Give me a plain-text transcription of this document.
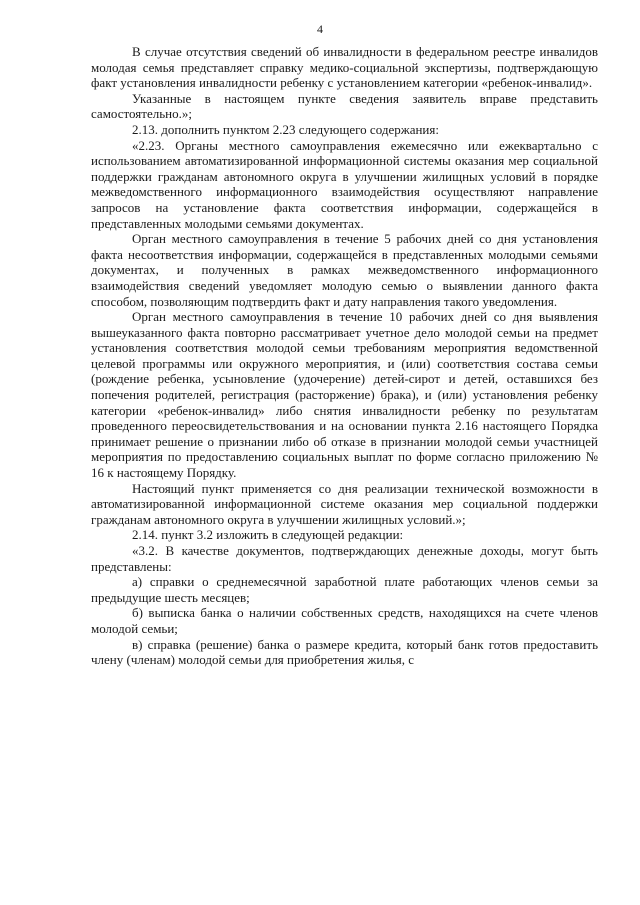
4

В случае отсутствия сведений об инвалидности в федеральном реестре инвалидов молодая семья представляет справку медико-социальной экспертизы, подтверждающую факт установления инвалидности ребенку с установлением категории «ребенок-инвалид».

Указанные в настоящем пункте сведения заявитель вправе представить самостоятельно.»;

2.13. дополнить пунктом 2.23 следующего содержания:

«2.23. Органы местного самоуправления ежемесячно или ежеквартально с использованием автоматизированной информационной системы оказания мер социальной поддержки гражданам автономного округа в улучшении жилищных условий в порядке межведомственного информационного взаимодействия осуществляют направление запросов на установление факта соответствия информации, содержащейся в представленных молодыми семьями документах.

Орган местного самоуправления в течение 5 рабочих дней со дня установления факта несоответствия информации, содержащейся в представленных молодыми семьями документах, и полученных в рамках межведомственного информационного взаимодействия сведений уведомляет молодую семью о выявлении данного факта способом, позволяющим подтвердить факт и дату направления такого уведомления.

Орган местного самоуправления в течение 10 рабочих дней со дня выявления вышеуказанного факта повторно рассматривает учетное дело молодой семьи на предмет установления соответствия молодой семьи требованиям мероприятия ведомственной целевой программы или окружного мероприятия, и (или) соответствия состава семьи (рождение ребенка, усыновление (удочерение) детей-сирот и детей, оставшихся без попечения родителей, регистрация (расторжение) брака), и (или) установления ребенку категории «ребенок-инвалид» либо снятия инвалидности ребенку по результатам проведенного переосвидетельствования и на основании пункта 2.16 настоящего Порядка принимает решение о признании либо об отказе в признании молодой семьи участницей мероприятия по предоставлению социальных выплат по форме согласно приложению № 16 к настоящему Порядку.

Настоящий пункт применяется со дня реализации технической возможности в автоматизированной информационной системе оказания мер социальной поддержки гражданам автономного округа в улучшении жилищных условий.»;

2.14. пункт 3.2 изложить в следующей редакции:

«3.2. В качестве документов, подтверждающих денежные доходы, могут быть представлены:

а) справки о среднемесячной заработной плате работающих членов семьи за предыдущие шесть месяцев;

б) выписка банка о наличии собственных средств, находящихся на счете членов молодой семьи;

в) справка (решение) банка о размере кредита, который банк готов предоставить члену (членам) молодой семьи для приобретения жилья, с
